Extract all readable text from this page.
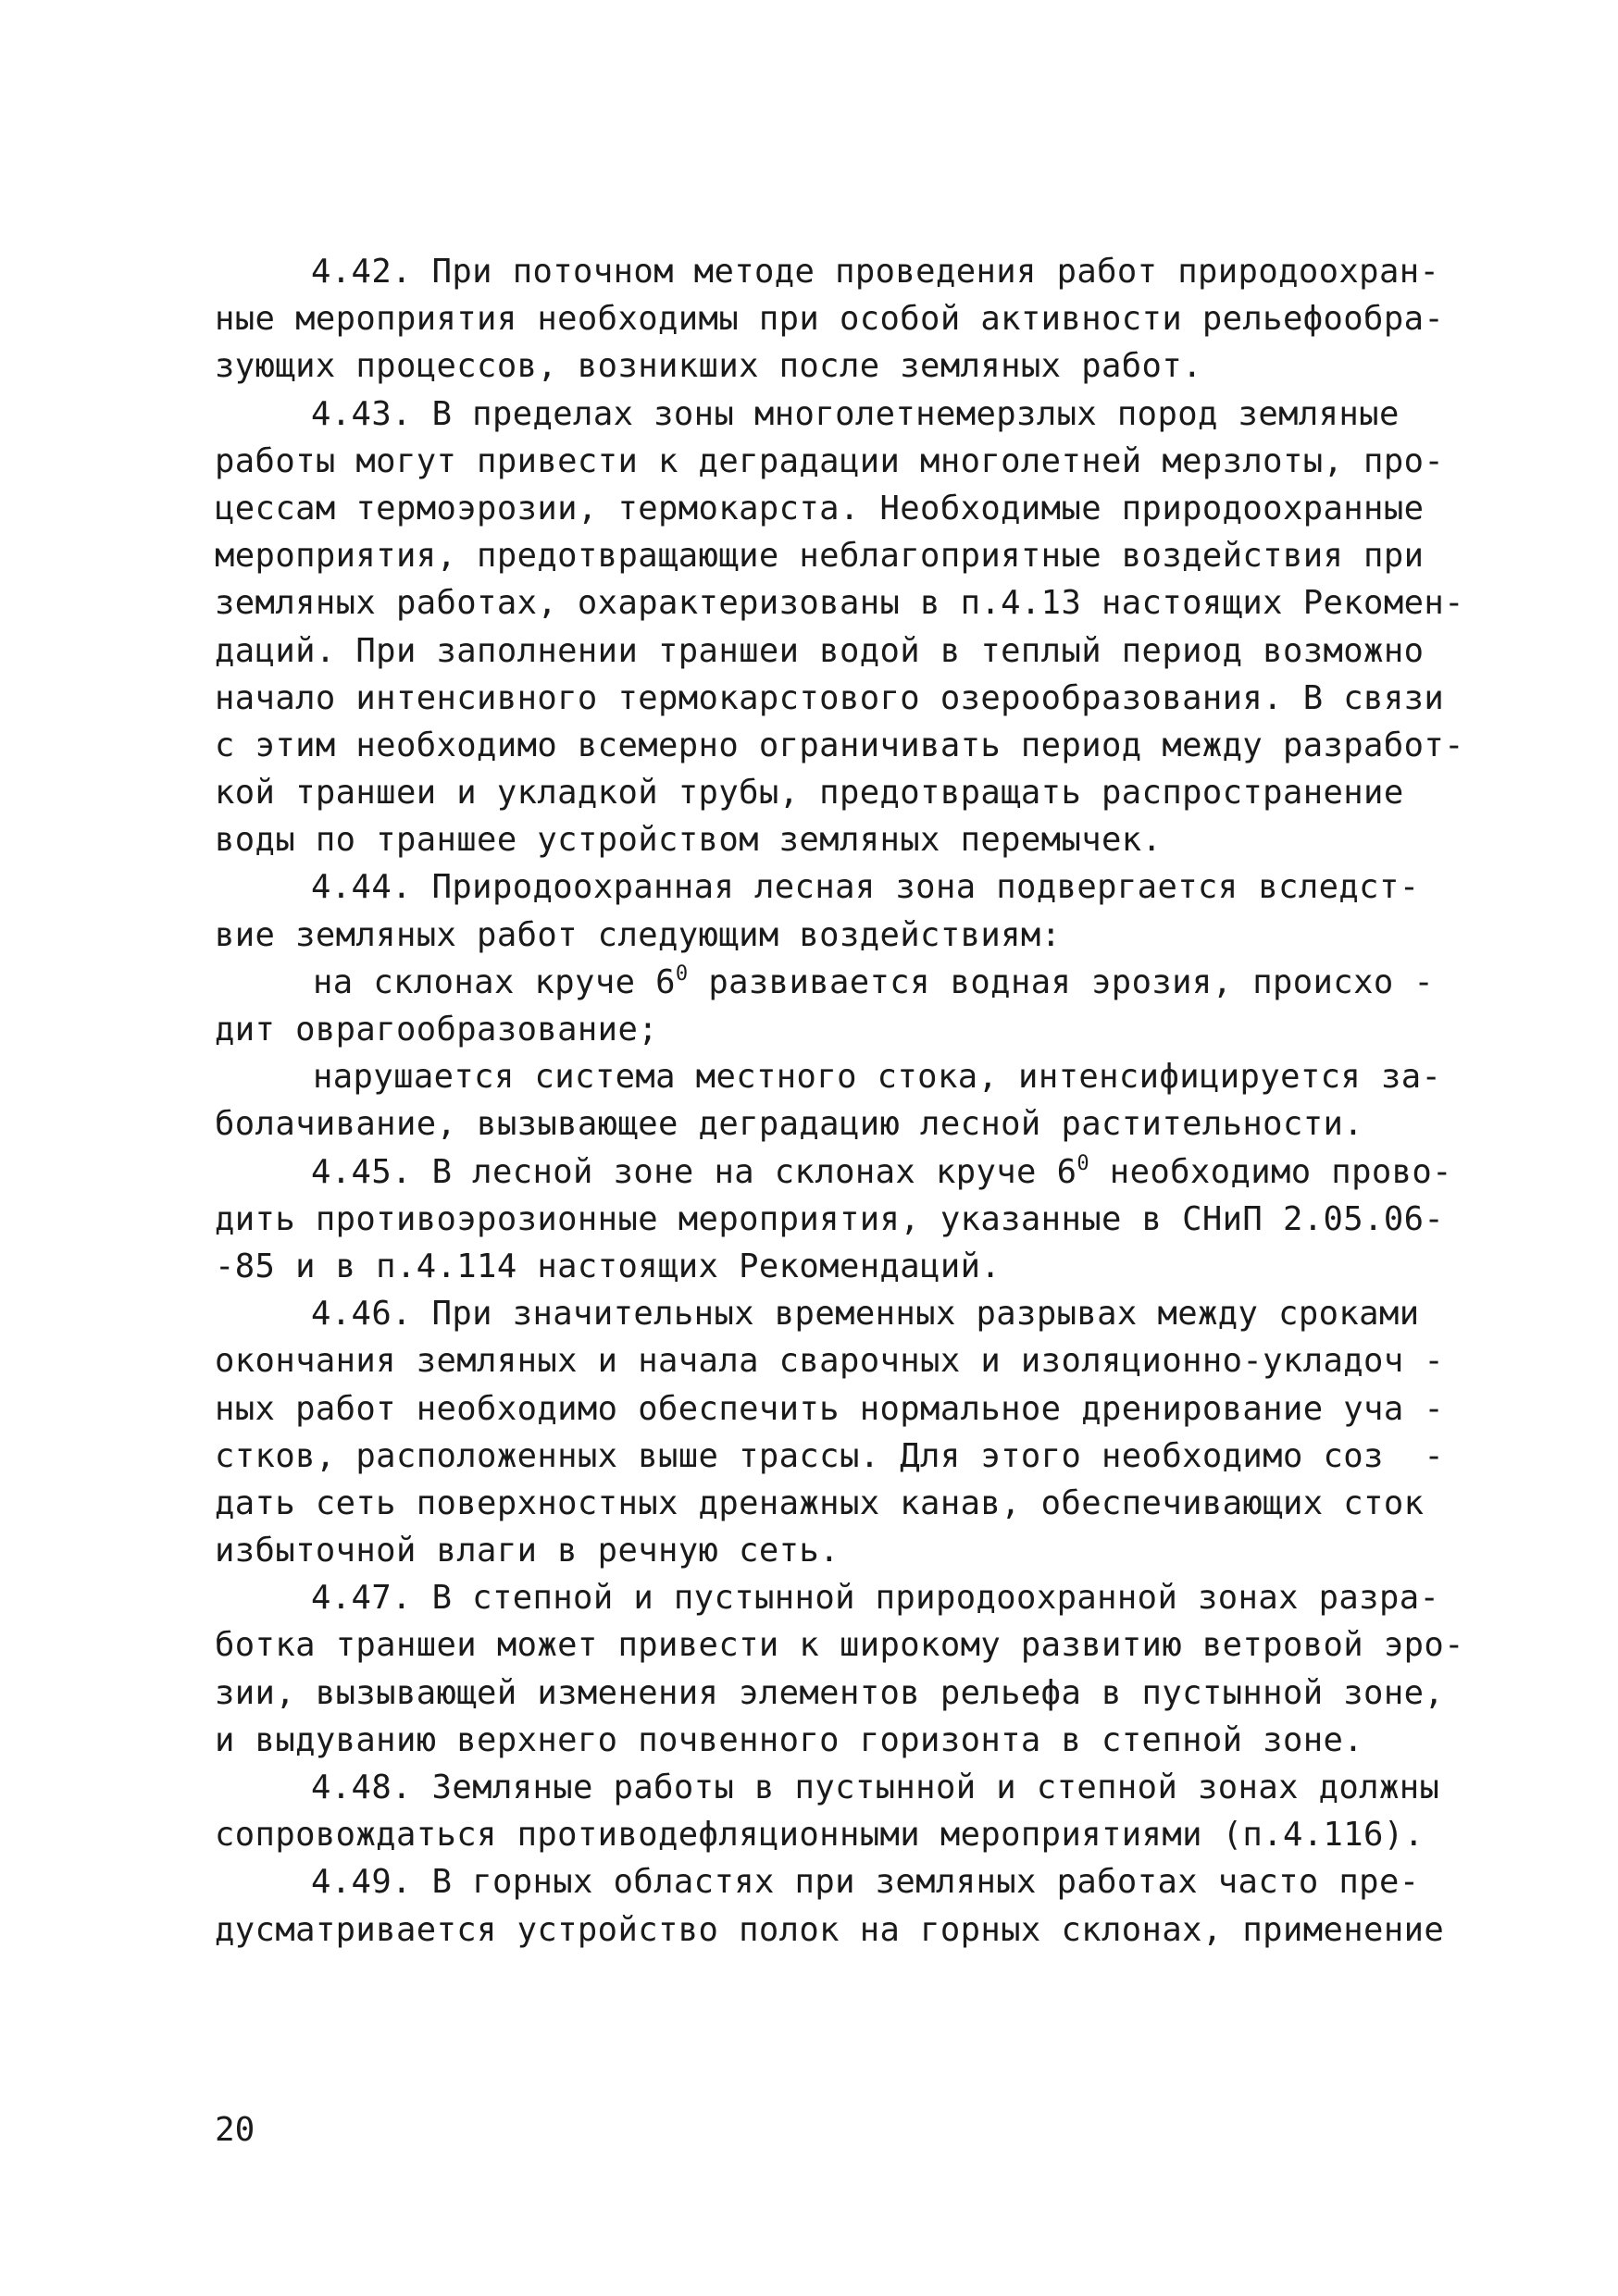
4.42. При поточном методе проведения работ природоохран-
ные мероприятия необходимы при особой активности рельефообра-
зующих процессов, возникших после земляных работ.
4.43. В пределах зоны многолетнемерзлых пород земляные
работы могут привести к деградации многолетней мерзлоты, про-
цессам термоэрозии, термокарста. Необходимые природоохранные
мероприятия, предотвращающие неблагоприятные воздействия при
земляных работах, охарактеризованы в п.4.13 настоящих Рекомен-
даций. При заполнении траншеи водой в теплый период возможно
начало интенсивного термокарстового озерообразования. В связи
с этим необходимо всемерно ограничивать период между разработ-
кой траншеи и укладкой трубы, предотвращать распространение
воды по траншее устройством земляных перемычек.
4.44. Природоохранная лесная зона подвергается вследст-
вие земляных работ следующим воздействиям:
на склонах круче $6^0$ развивается водная эрозия, происхо -
дит оврагообразование;
нарушается система местного стока, интенсифицируется за-
болачивание, вызывающее деградацию лесной растительности.
4.45. В лесной зоне на склонах круче $6^0$ необходимо прово-
дить противоэрозионные мероприятия, указанные в СНиП 2.05.06-
-85 и в п.4.114 настоящих Рекомендаций.
4.46. При значительных временных разрывах между сроками
окончания земляных и начала сварочных и изоляционно-укладоч -
ных работ необходимо обеспечить нормальное дренирование уча -
стков, расположенных выше трассы. Для этого необходимо соз  -
дать сеть поверхностных дренажных канав, обеспечивающих сток
избыточной влаги в речную сеть.
4.47. В степной и пустынной природоохранной зонах разра-
ботка траншеи может привести к широкому развитию ветровой эро-
зии, вызывающей изменения элементов рельефа в пустынной зоне,
и выдуванию верхнего почвенного горизонта в степной зоне.
4.48. Земляные работы в пустынной и степной зонах должны
сопровождаться противодефляционными мероприятиями (п.4.116).
4.49. В горных областях при земляных работах часто пре-
дусматривается устройство полок на горных склонах, применение
20
